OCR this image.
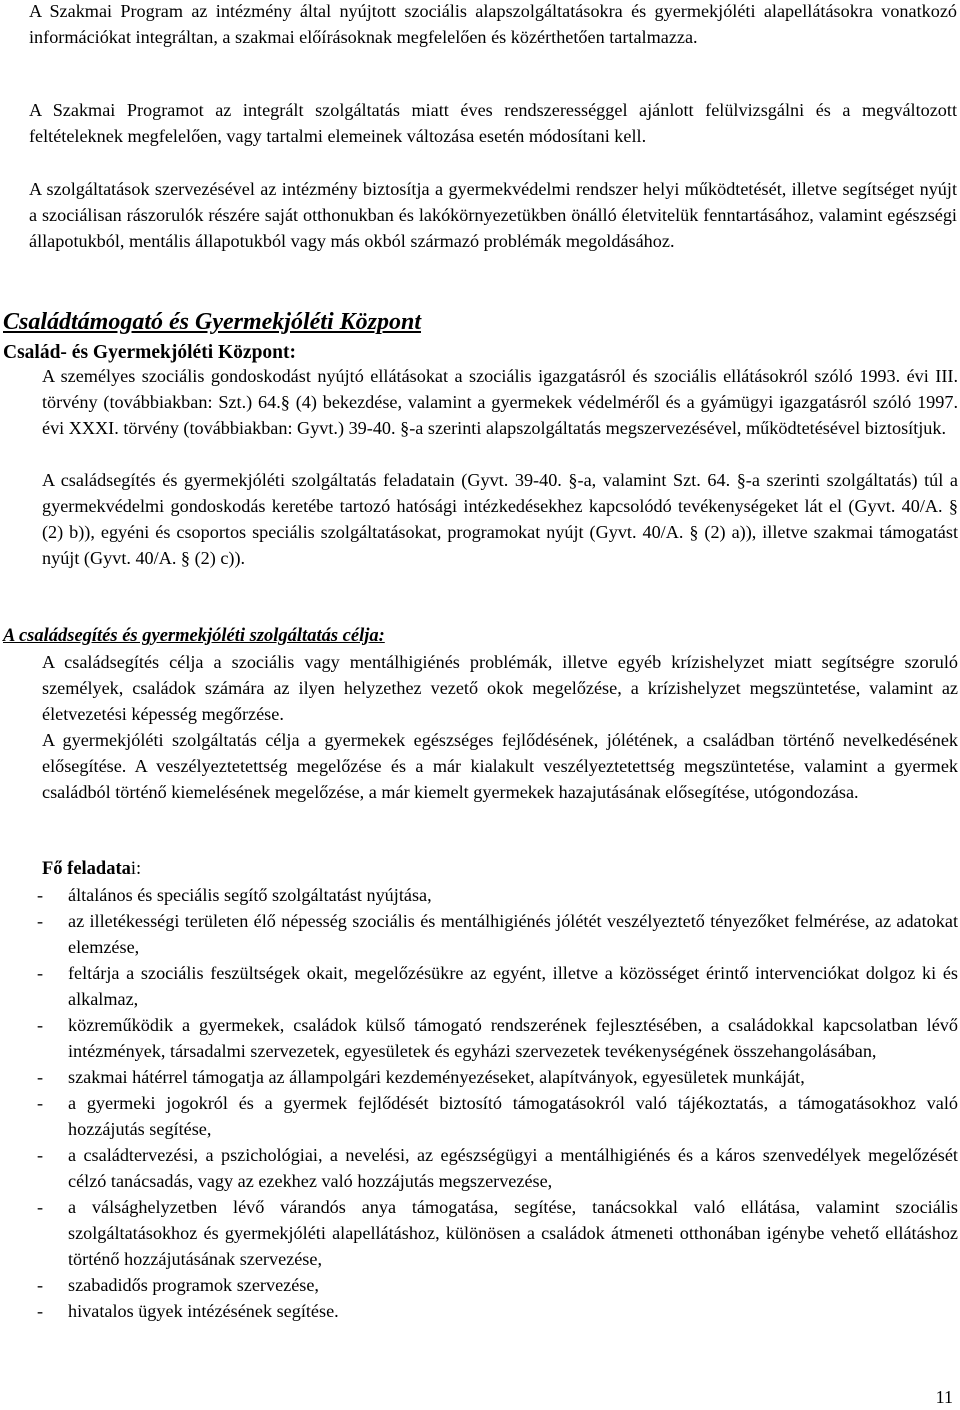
A Szakmai Program az intézmény által nyújtott szociális alapszolgáltatásokra és gyermekjóléti alapellátásokra vonatkozó információkat integráltan, a szakmai előírásoknak megfelelően és közérthetően tartalmazza.

A Szakmai Programot az integrált szolgáltatás miatt éves rendszerességgel ajánlott felülvizsgálni és a megváltozott feltételeknek megfelelően, vagy tartalmi elemeinek változása esetén módosítani kell.

A szolgáltatások szervezésével az intézmény biztosítja a gyermekvédelmi rendszer helyi működtetését, illetve segítséget nyújt a szociálisan rászorulók részére saját otthonukban és lakókörnyezetükben önálló életvitelük fenntartásához, valamint egészségi állapotukból, mentális állapotukból vagy más okból származó problémák megoldásához.

Családtámogató és Gyermekjóléti Központ
Család- és Gyermekjóléti Központ:

A személyes szociális gondoskodást nyújtó ellátásokat a szociális igazgatásról és szociális ellátásokról szóló 1993. évi III. törvény (továbbiakban: Szt.) 64.§ (4) bekezdése, valamint a gyermekek védelméről és a gyámügyi igazgatásról szóló 1997. évi XXXI. törvény (továbbiakban: Gyvt.) 39-40. §-a szerinti alapszolgáltatás megszervezésével, működtetésével biztosítjuk.

A családsegítés és gyermekjóléti szolgáltatás feladatain (Gyvt. 39-40. §-a, valamint Szt. 64. §-a szerinti szolgáltatás) túl a gyermekvédelmi gondoskodás keretébe tartozó hatósági intézkedésekhez kapcsolódó tevékenységeket lát el (Gyvt. 40/A. § (2) b)), egyéni és csoportos speciális szolgáltatásokat, programokat nyújt (Gyvt. 40/A. § (2) a)), illetve szakmai támogatást nyújt (Gyvt. 40/A. § (2) c)).

A családsegítés és gyermekjóléti szolgáltatás célja:

A családsegítés célja a szociális vagy mentálhigiénés problémák, illetve egyéb krízishelyzet miatt segítségre szoruló személyek, családok számára az ilyen helyzethez vezető okok megelőzése, a krízishelyzet megszüntetése, valamint az életvezetési képesség megőrzése.

A gyermekjóléti szolgáltatás célja a gyermekek egészséges fejlődésének, jólétének, a családban történő nevelkedésének elősegítése. A veszélyeztetettség megelőzése és a már kialakult veszélyeztetettség megszüntetése, valamint a gyermek családból történő kiemelésének megelőzése, a már kiemelt gyermekek hazajutásának elősegítése, utógondozása.

Fő feladatai:

- általános és speciális segítő szolgáltatást nyújtása,
- az illetékességi területen élő népesség szociális és mentálhigiénés jólétét veszélyeztető tényezőket felmérése, az adatokat elemzése,
- feltárja a szociális feszültségek okait, megelőzésükre az egyént, illetve a közösséget érintő intervenciókat dolgoz ki és alkalmaz,
- közreműködik a gyermekek, családok külső támogató rendszerének fejlesztésében, a családokkal kapcsolatban lévő intézmények, társadalmi szervezetek, egyesületek és egyházi szervezetek tevékenységének összehangolásában,
- szakmai hátérrel támogatja az állampolgári kezdeményezéseket, alapítványok, egyesületek munkáját,
- a gyermeki jogokról és a gyermek fejlődését biztosító támogatásokról való tájékoztatás, a támogatásokhoz való hozzájutás segítése,
- a családtervezési, a pszichológiai, a nevelési, az egészségügyi a mentálhigiénés és a káros szenvedélyek megelőzését célzó tanácsadás, vagy az ezekhez való hozzájutás megszervezése,
- a válsághelyzetben lévő várandós anya támogatása, segítése, tanácsokkal való ellátása, valamint szociális szolgáltatásokhoz és gyermekjóléti alapellátáshoz, különösen a családok átmeneti otthonában igénybe vehető ellátáshoz történő hozzájutásának szervezése,
- szabadidős programok szervezése,
- hivatalos ügyek intézésének segítése.
11
